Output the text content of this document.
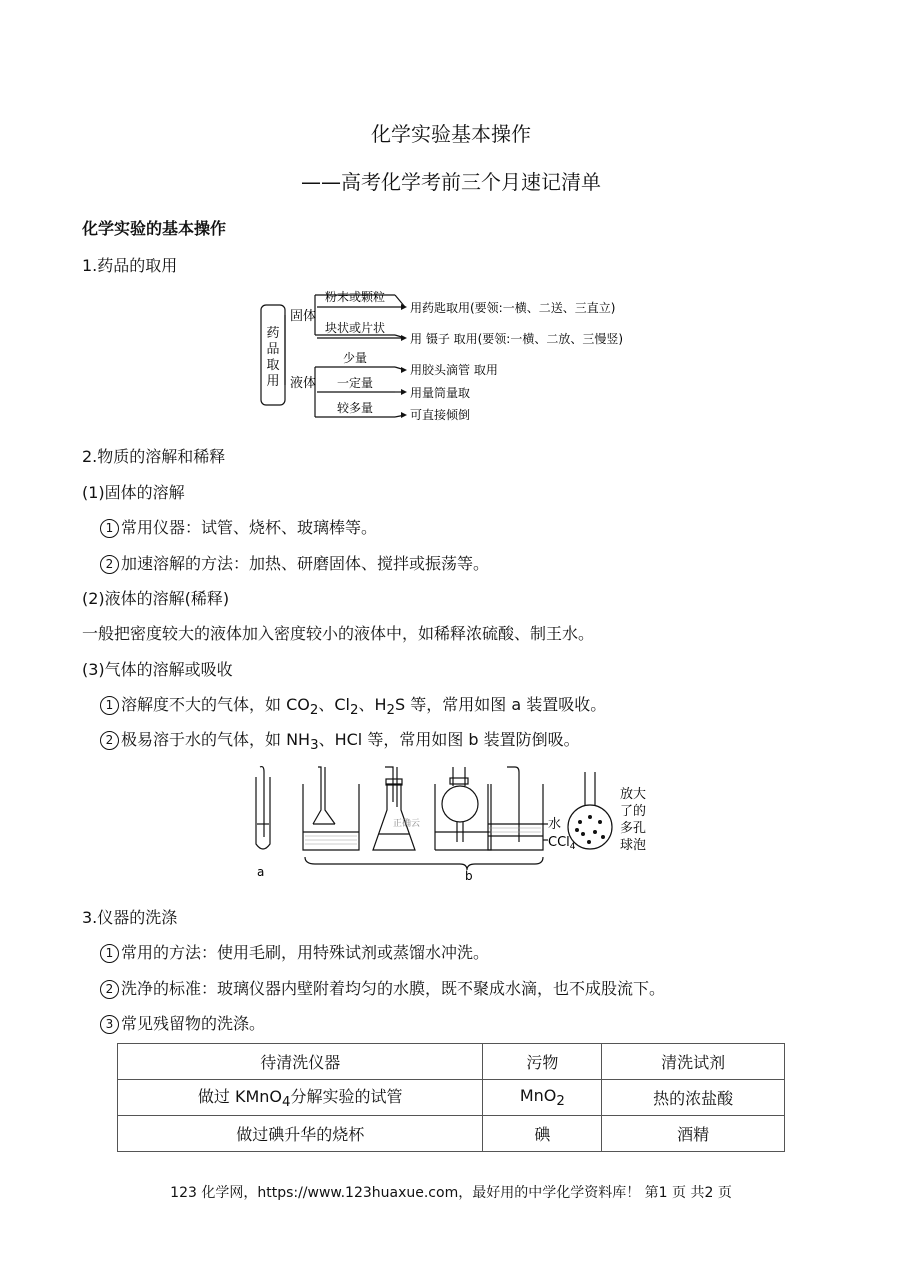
化学实验基本操作
——高考化学考前三个月速记清单
化学实验的基本操作
1.药品的取用
药品取用
固体
液体
粉末或颗粒
块状或片状
少量
一定量
较多量
用药匙取用(要领:一横、二送、三直立)
用 镊子 取用(要领:一横、二放、三慢竖)
用胶头滴管 取用
用量筒量取
可直接倾倒
2.物质的溶解和稀释
(1)固体的溶解
1 常用仪器：试管、烧杯、玻璃棒等。
2 加速溶解的方法：加热、研磨固体、搅拌或振荡等。
(2)液体的溶解(稀释)
一般把密度较大的液体加入密度较小的液体中，如稀释浓硫酸、制王水。
(3)气体的溶解或吸收
1 溶解度不大的气体，如 $CO_2$、$Cl_2$、$H_2S$ 等，常用如图 a 装置吸收。
2 极易溶于水的气体，如 $NH_3$、HCl 等，常用如图 b 装置防倒吸。
a	b
水
CCl$_4$
正确云
放大
了的
多孔
球泡
3.仪器的洗涤
1 常用的方法：使用毛刷，用特殊试剂或蒸馏水冲洗。
2 洗净的标准：玻璃仪器内壁附着均匀的水膜，既不聚成水滴，也不成股流下。
3 常见残留物的洗涤。
待清洗仪器	污物	清洗试剂
做过 KMnO$_4$分解实验的试管	MnO$_2$	热的浓盐酸
做过碘升华的烧杯	碘	酒精
123 化学网，https://www.123huaxue.com，最好用的中学化学资料库！ 第1 页 共2 页
